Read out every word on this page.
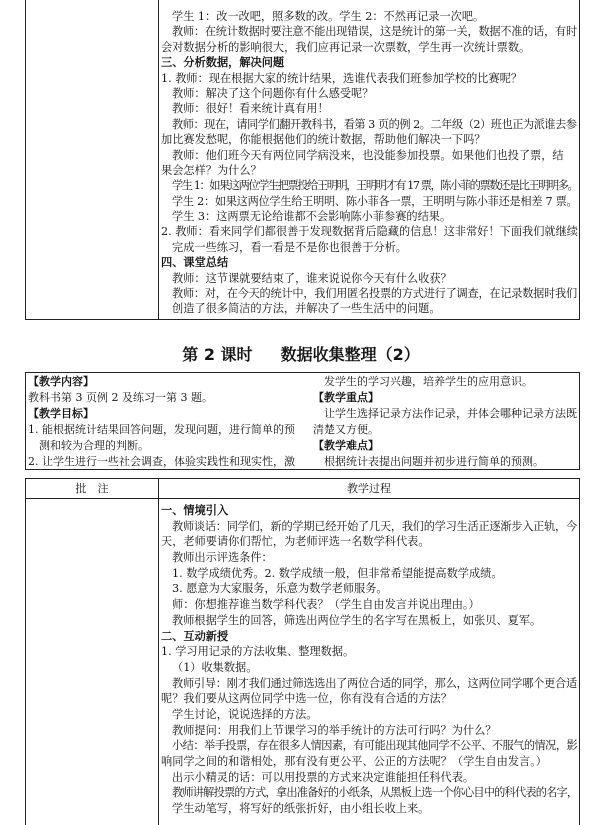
学生 1：改一改吧，照多数的改。学生 2：不然再记录一次吧。
教师：在统计数据时要注意不能出现错误，这是统计的第一关，数据不准的话，有时
会对数据分析的影响很大，我们应再记录一次票数，学生再一次统计票数。
三、分析数据，解决问题
1. 教师：现在根据大家的统计结果，选谁代表我们班参加学校的比赛呢？
教师：解决了这个问题你有什么感受呢？
教师：很好！看来统计真有用！
教师：现在，请同学们翻开教科书，看第 3 页的例 2。二年级（2）班也正为派谁去参
加比赛发愁呢，你能根据他们的统计数据，帮助他们解决一下吗？
教师：他们班今天有两位同学病没来，也没能参加投票。如果他们也投了票，结
果会怎样？为什么？
学生 1：如果这两位学生把票投给王明明，王明明才有 17 票，陈小菲的票数还是比王明明多。
学生 2：如果这两位学生给王明明、陈小菲各一票，王明明与陈小菲还是相差 7 票。
学生 3：这两票无论给谁都不会影响陈小菲参赛的结果。
2. 教师：看来同学们都很善于发现数据背后隐藏的信息！这非常好！下面我们就继续
完成一些练习，看一看是不是你也很善于分析。
四、课堂总结
教师：这节课就要结束了，谁来说说你今天有什么收获？
教师：对，在今天的统计中，我们用匿名投票的方式进行了调查，在记录数据时我们
创造了很多简洁的方法，并解决了一些生活中的问题。
第 2 课时 数据收集整理（2）
【教学内容】
教科书第 3 页例 2 及练习一第 3 题。
【教学目标】
1. 能根据统计结果回答问题，发现问题，进行简单的预
测和较为合理的判断。
2. 让学生进行一些社会调查，体验实践性和现实性，激
发学生的学习兴趣，培养学生的应用意识。
【教学重点】
让学生选择记录方法作记录，并体会哪种记录方法既
清楚又方便。
【教学难点】
根据统计表提出问题并初步进行简单的预测。
批　注	教学过程
一、情境引入
教师谈话：同学们，新的学期已经开始了几天，我们的学习生活正逐渐步入正轨，今
天，老师要请你们帮忙，为老师评选一名数学科代表。
教师出示评选条件：
1. 数学成绩优秀。2. 数学成绩一般，但非常希望能提高数学成绩。
3. 愿意为大家服务，乐意为数学老师服务。
师：你想推荐谁当数学科代表？（学生自由发言并说出理由。）
教师根据学生的回答，筛选出两位学生的名字写在黑板上，如张贝、夏军。
二、互动新授
1. 学习用记录的方法收集、整理数据。
（1）收集数据。
教师引导：刚才我们通过筛选选出了两位合适的同学，那么，这两位同学哪个更合适
呢？我们要从这两位同学中选一位，你有没有合适的方法？
学生讨论，说说选择的方法。
教师提问：用我们上节课学习的举手统计的方法可行吗？为什么？
小结：举手投票，存在很多人情因素，有可能出现其他同学不公平、不服气的情况，影
响同学之间的和谐相处，那有没有更公平、公正的方法呢？（学生自由发言。）
出示小精灵的话：可以用投票的方式来决定谁能担任科代表。
教师讲解投票的方式，拿出准备好的小纸条，从黑板上选一个你心目中的科代表的名字，
学生动笔写，将写好的纸张折好，由小组长收上来。
